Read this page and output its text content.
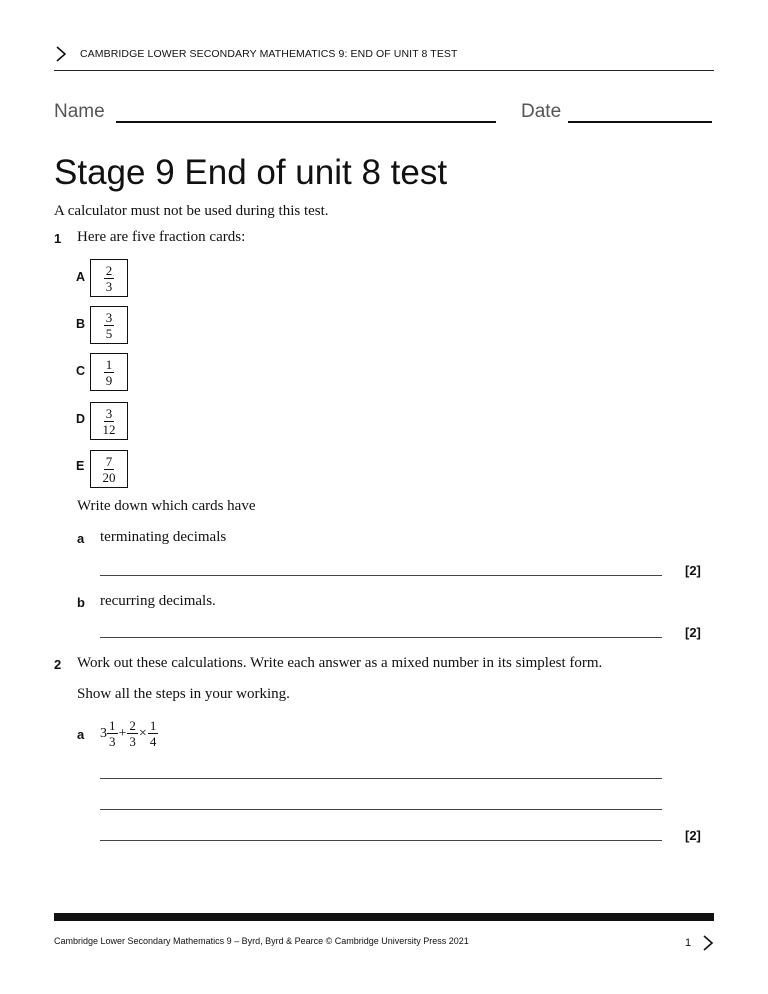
CAMBRIDGE LOWER SECONDARY MATHEMATICS 9: END OF UNIT 8 TEST
Name	Date
Stage 9 End of unit 8 test
A calculator must not be used during this test.
1 Here are five fraction cards:
A $\frac{2}{3}$
B $\frac{3}{5}$
C $\frac{1}{9}$
D $\frac{3}{12}$
E $\frac{7}{20}$
Write down which cards have
a terminating decimals
[2]
b recurring decimals.
[2]
2 Work out these calculations. Write each answer as a mixed number in its simplest form.
Show all the steps in your working.
a $3 \frac{1}{3} + \frac{2}{3} \times \frac{1}{4}$
[2]
Cambridge Lower Secondary Mathematics 9 – Byrd, Byrd & Pearce © Cambridge University Press 2021	1
